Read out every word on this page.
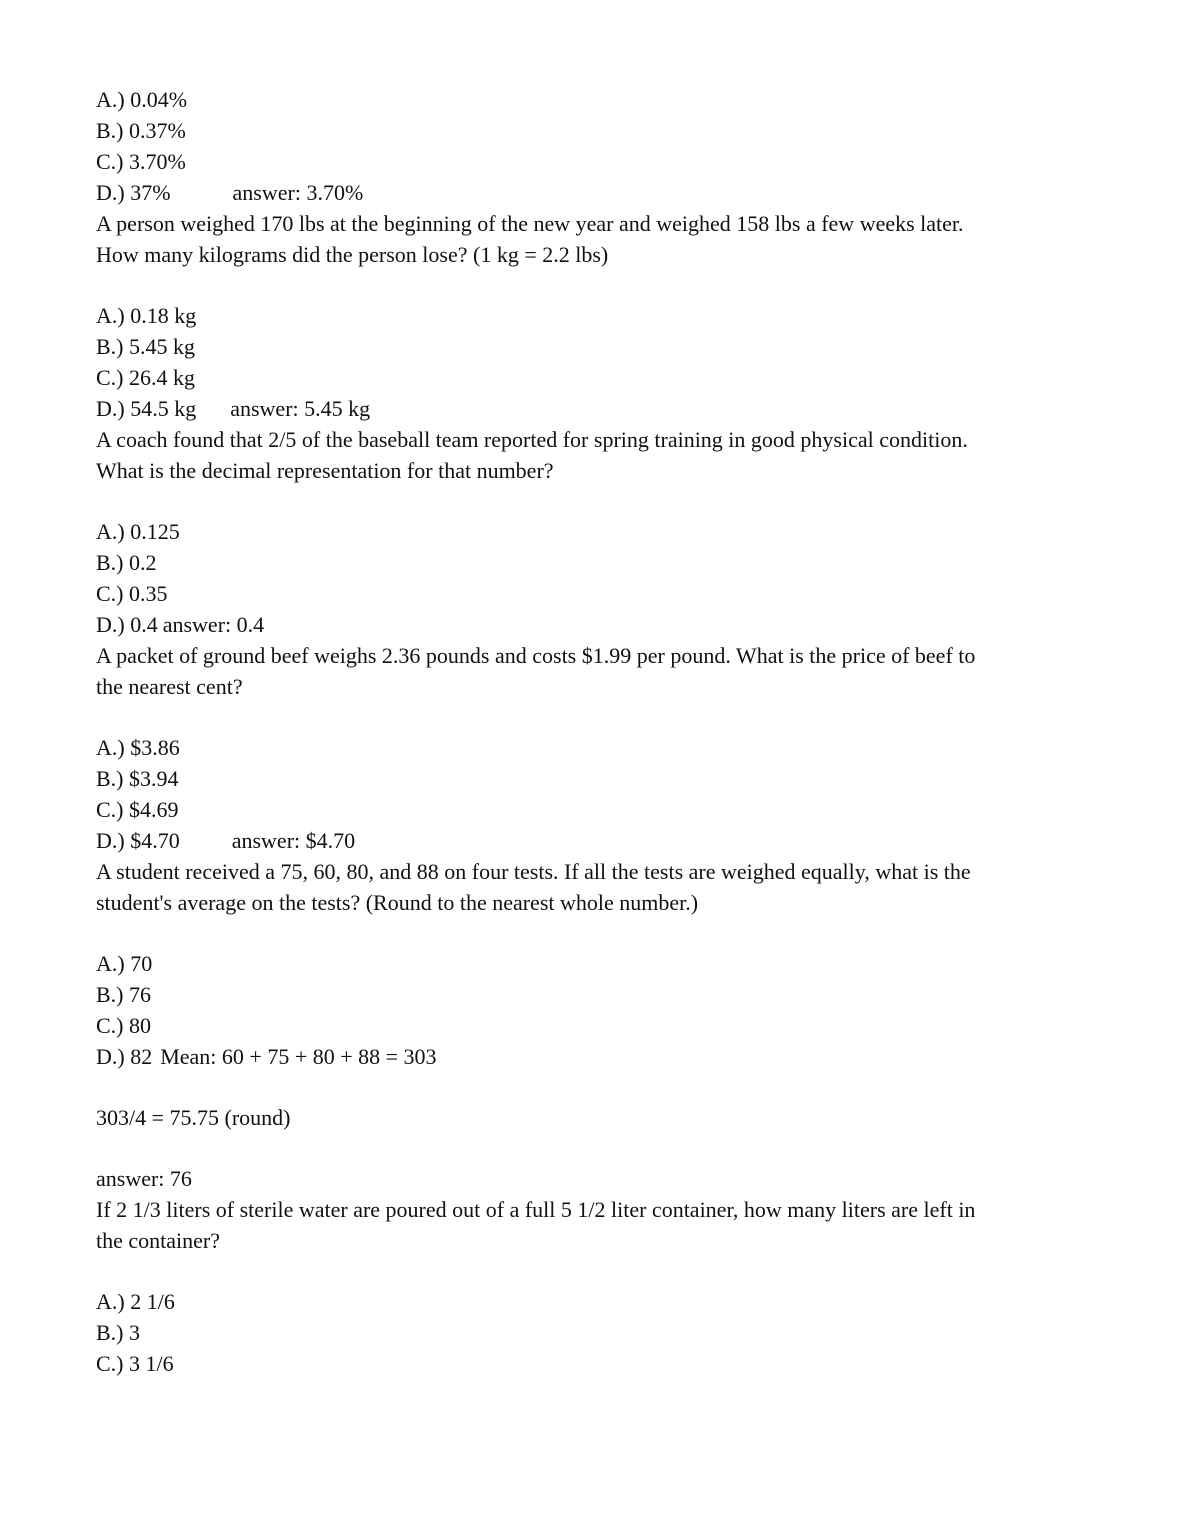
A.) 0.04%
B.) 0.37%
C.) 3.70%
D.) 37%	answer: 3.70%
A person weighed 170 lbs at the beginning of the new year and weighed 158 lbs a few weeks later.
How many kilograms did the person lose? (1 kg = 2.2 lbs)
A.) 0.18 kg
B.) 5.45 kg
C.) 26.4 kg
D.) 54.5 kg answer: 5.45 kg
A coach found that 2/5 of the baseball team reported for spring training in good physical condition.
What is the decimal representation for that number?
A.) 0.125
B.) 0.2
C.) 0.35
D.) 0.4 answer: 0.4
A packet of ground beef weighs 2.36 pounds and costs $1.99 per pound. What is the price of beef to
the nearest cent?
A.) $3.86
B.) $3.94
C.) $4.69
D.) $4.70 answer: $4.70
A student received a 75, 60, 80, and 88 on four tests. If all the tests are weighed equally, what is the
student's average on the tests? (Round to the nearest whole number.)
A.) 70
B.) 76
C.) 80
D.) 82 Mean: 60 + 75 + 80 + 88 = 303
303/4 = 75.75 (round)
answer: 76
If 2 1/3 liters of sterile water are poured out of a full 5 1/2 liter container, how many liters are left in
the container?
A.) 2 1/6
B.) 3
C.) 3 1/6
